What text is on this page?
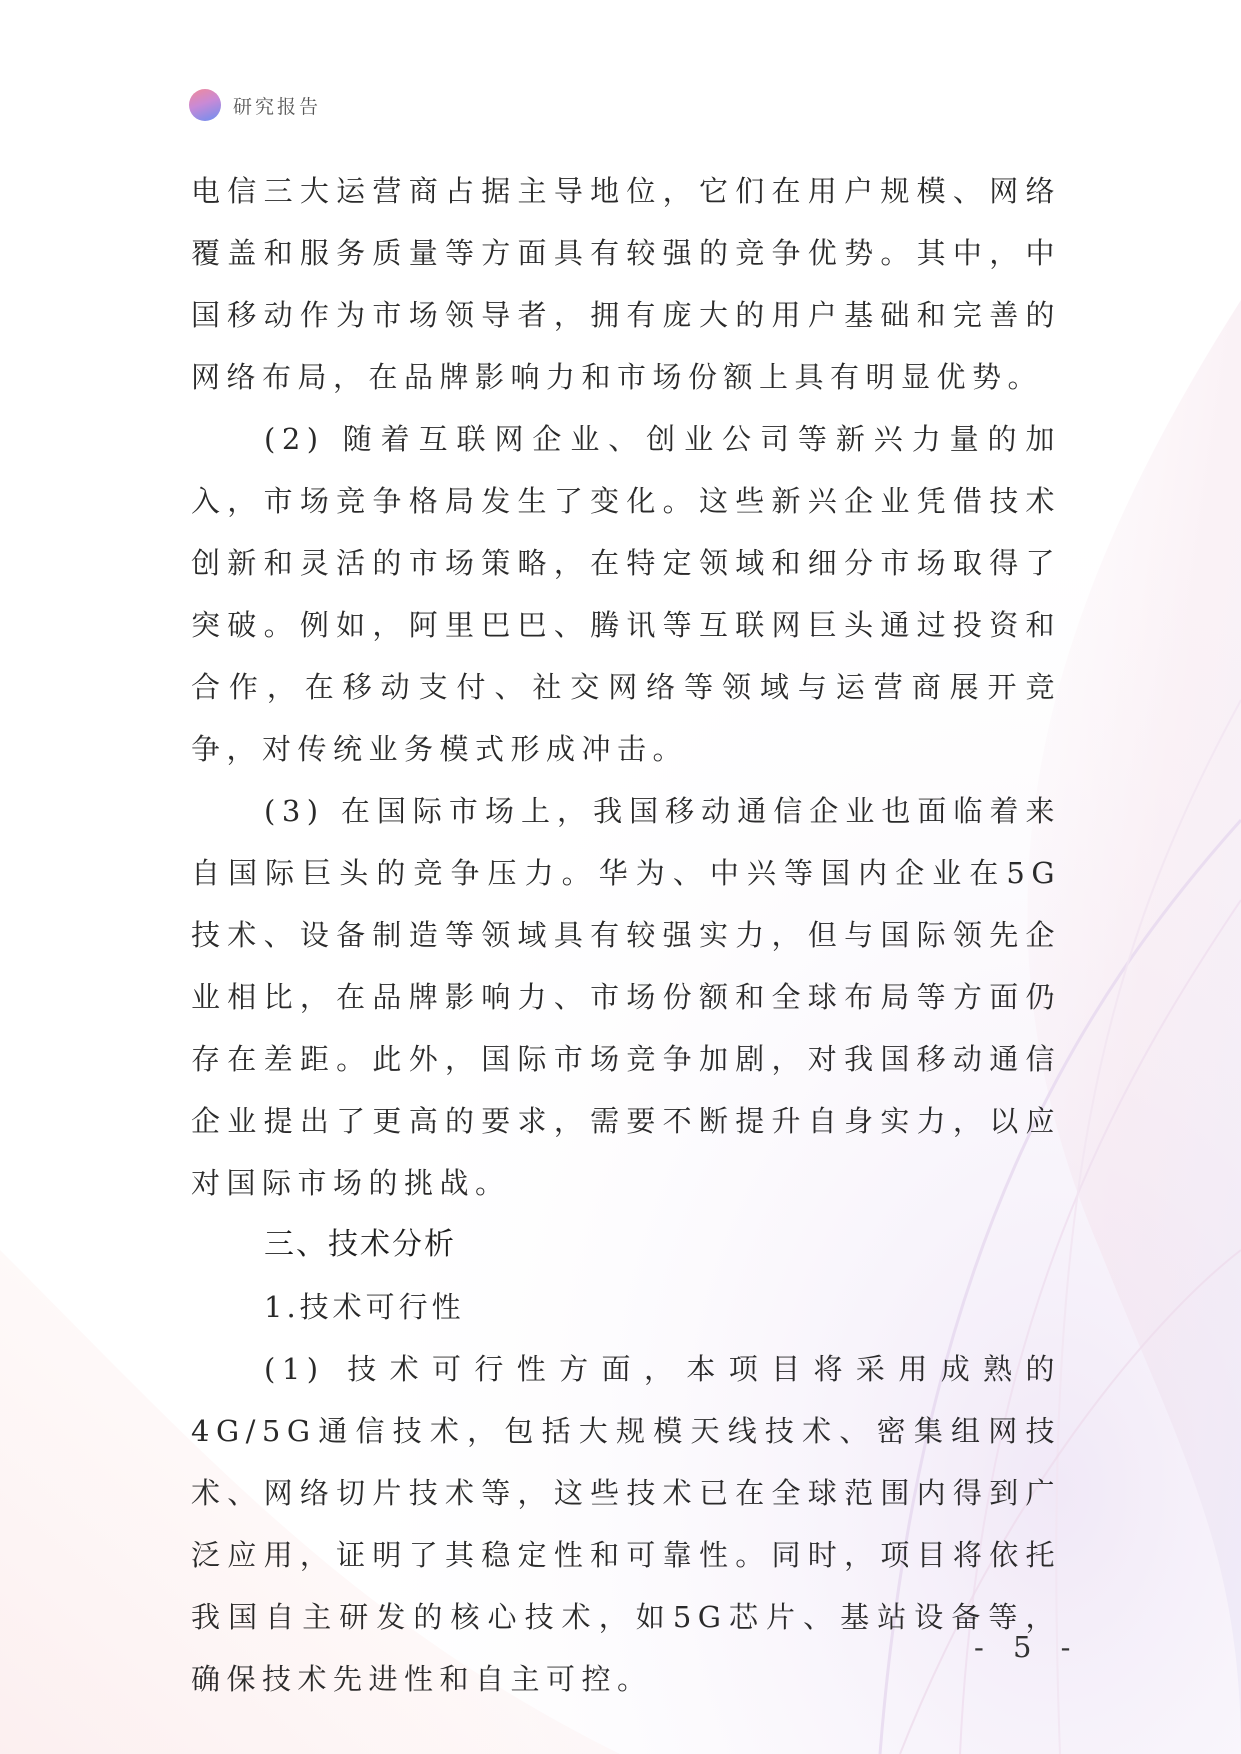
研究报告

电信三大运营商占据主导地位，它们在用户规模、网络覆盖和服务质量等方面具有较强的竞争优势。其中，中国移动作为市场领导者，拥有庞大的用户基础和完善的网络布局，在品牌影响力和市场份额上具有明显优势。

(2) 随着互联网企业、创业公司等新兴力量的加入，市场竞争格局发生了变化。这些新兴企业凭借技术创新和灵活的市场策略，在特定领域和细分市场取得了突破。例如，阿里巴巴、腾讯等互联网巨头通过投资和合作，在移动支付、社交网络等领域与运营商展开竞争，对传统业务模式形成冲击。

(3) 在国际市场上，我国移动通信企业也面临着来自国际巨头的竞争压力。华为、中兴等国内企业在5G技术、设备制造等领域具有较强实力，但与国际领先企业相比，在品牌影响力、市场份额和全球布局等方面仍存在差距。此外，国际市场竞争加剧，对我国移动通信企业提出了更高的要求，需要不断提升自身实力，以应对国际市场的挑战。

三、技术分析

1.技术可行性

(1) 技术可行性方面，本项目将采用成熟的4G/5G通信技术，包括大规模天线技术、密集组网技术、网络切片技术等，这些技术已在全球范围内得到广泛应用，证明了其稳定性和可靠性。同时，项目将依托我国自主研发的核心技术，如5G芯片、基站设备等，确保技术先进性和自主可控。

- 5 -
